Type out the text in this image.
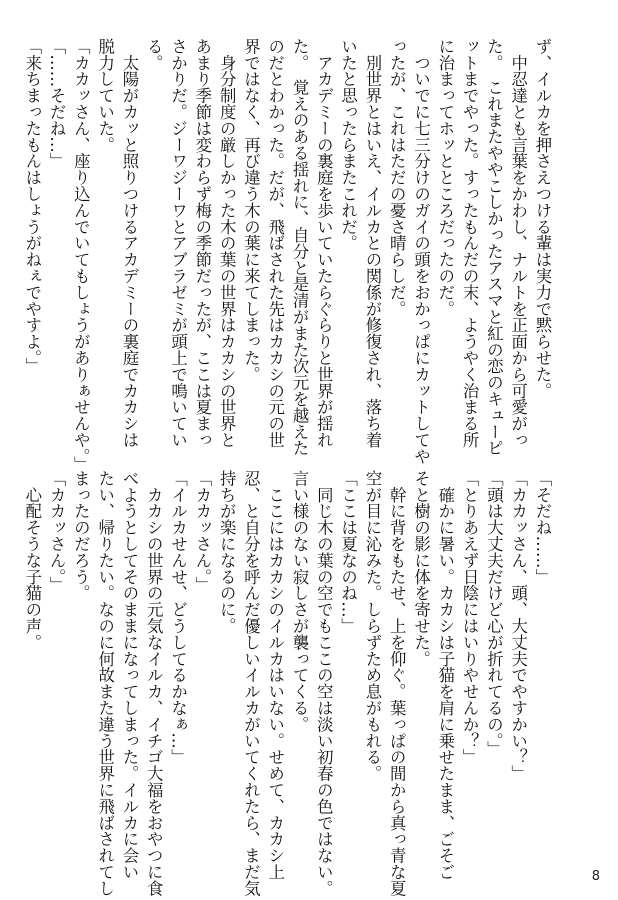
ず、イルカを押さえつける輩は実力で黙らせた。
　中忍達とも言葉をかわし、ナルトを正面から可愛がっ
た。　これまたややこしかったアスマと紅の恋のキューピ
ットまでやった。すったもんだの末、ようやく治まる所
に治まってホッとところだったのだ。
　ついでに七三分けのガイの頭をおかっぱにカットしてや
ったが、これはただの憂さ晴らしだ。
　別世界とはいえ、イルカとの関係が修復され、落ち着
いたと思ったらまたこれだ。
　アカデミーの裏庭を歩いていたらぐらりと世界が揺れ
た。　覚えのある揺れに、自分と是清がまた次元を越えた
のだとわかった。だが、飛ばされた先はカカシの元の世
界ではなく、再び違う木の葉に来てしまった。
　身分制度の厳しかった木の葉の世界はカカシの世界と
あまり季節は変わらず梅の季節だったが、ここは夏まっ
さかりだ。ジーワジーワとアブラゼミが頭上で鳴いてい
る。
　太陽がカッと照りつけるアカデミーの裏庭でカカシは
脱力していた。
「カカッさん、座り込んでいてもしょうがありぁせんや。」
「……そだね…」
「来ちまったもんはしょうがねぇでやすよ。」
「そだね……」
「カカッさん、頭、大丈夫でやすかい？」
「頭は大丈夫だけど心が折れてるの。」
「とりあえず日陰にはいりやせんか？」
　確かに暑い。カカシは子猫を肩に乗せたまま、ごそご
そと樹の影に体を寄せた。
　幹に背をもたせ、上を仰ぐ。葉っぱの間から真っ青な夏
空が目に沁みた。しらずため息がもれる。
「ここは夏なのね…」
　同じ木の葉の空でもここの空は淡い初春の色ではない。
言い様のない寂しさが襲ってくる。
　ここにはカカシのイルカはいない。せめて、カカシ上
忍、と自分を呼んだ優しいイルカがいてくれたら、まだ気
持ちが楽になるのに。
「カカッさん。」
「イルカせんせ、どうしてるかなぁ…」
　カカシの世界の元気なイルカ、イチゴ大福をおやつに食
べようとしてそのままになってしまった。イルカに会い
たい、帰りたい。なのに何故また違う世界に飛ばされてし
まったのだろう。
「カカッさん。」
　心配そうな子猫の声。
8
